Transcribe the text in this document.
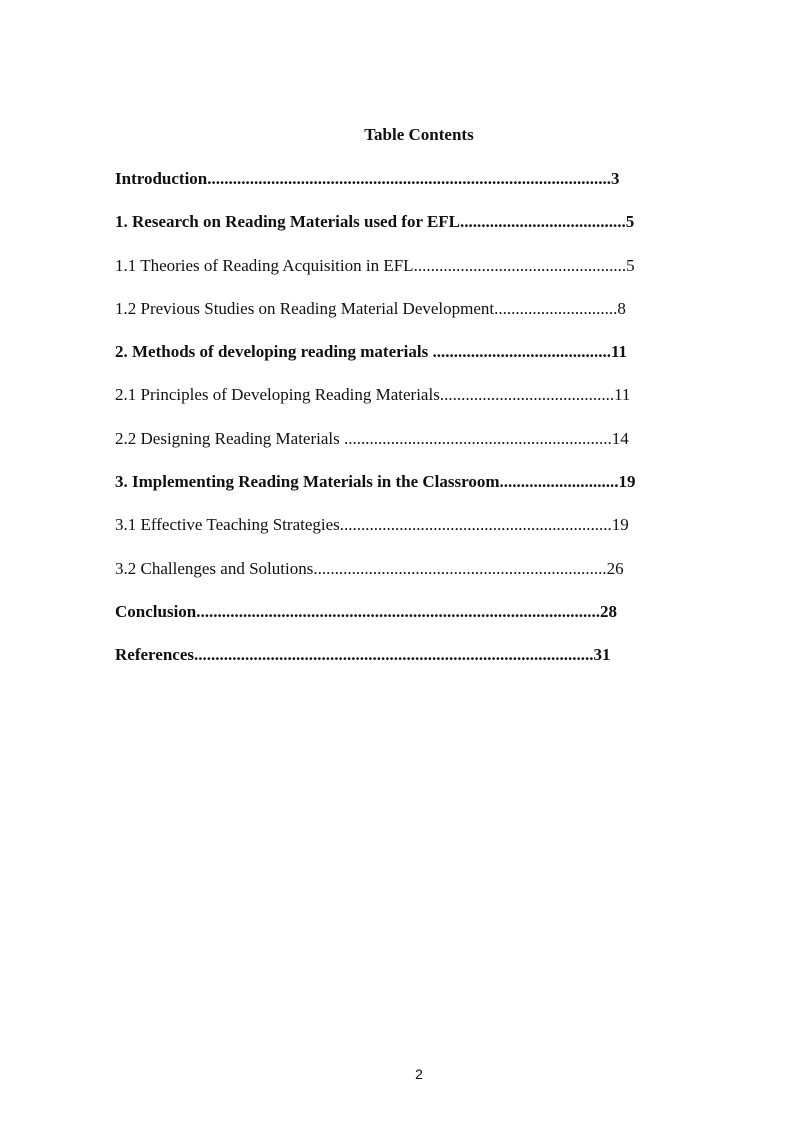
Table Contents
Introduction...............................................................................................3
1. Research on Reading Materials used for EFL.......................................5
1.1 Theories of Reading Acquisition in EFL..................................................5
1.2 Previous Studies on Reading Material Development.............................8
2. Methods of developing reading materials ..........................................11
2.1 Principles of Developing Reading Materials.........................................11
2.2 Designing Reading Materials ...............................................................14
3. Implementing Reading Materials in the Classroom............................19
3.1 Effective Teaching Strategies................................................................19
3.2 Challenges and Solutions.....................................................................26
Conclusion...............................................................................................28
References..............................................................................................31
2
